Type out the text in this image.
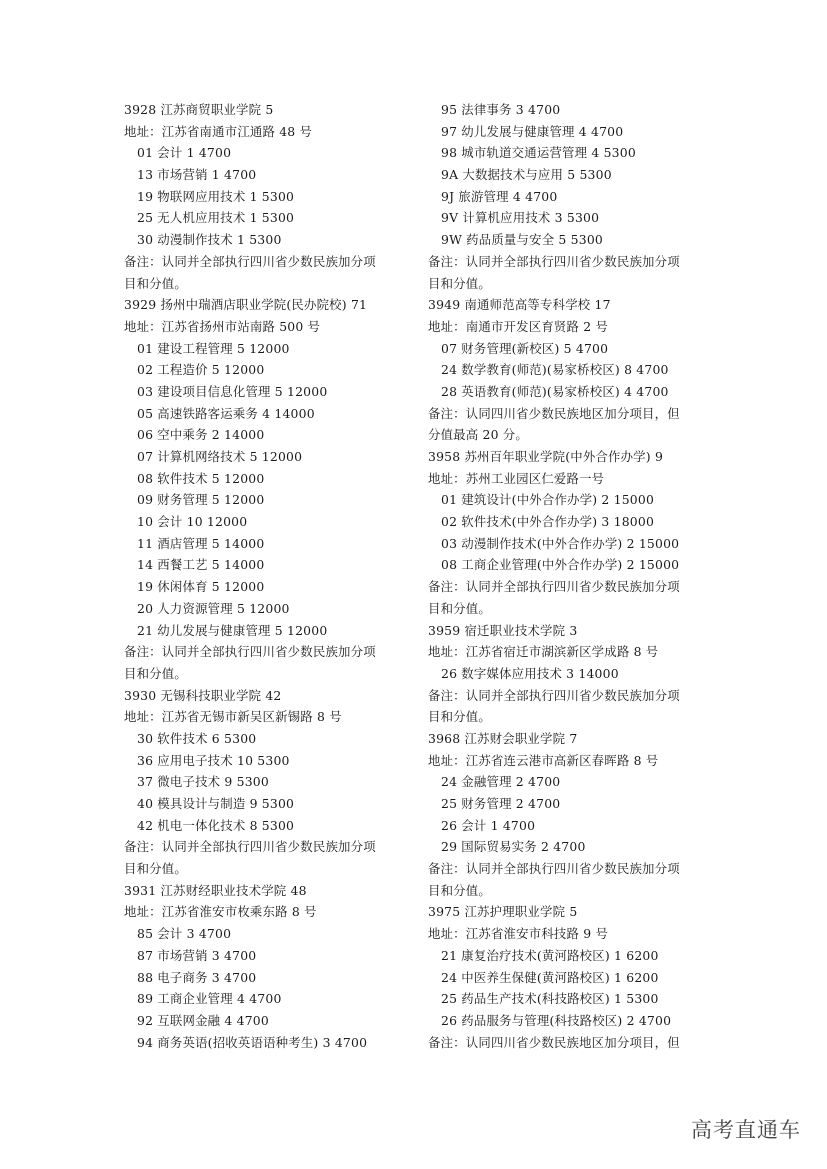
3928 江苏商贸职业学院 5
地址：江苏省南通市江通路 48 号
01 会计 1 4700
13 市场营销 1 4700
19 物联网应用技术 1 5300
25 无人机应用技术 1 5300
30 动漫制作技术 1 5300
备注：认同并全部执行四川省少数民族加分项
目和分值。
3929 扬州中瑞酒店职业学院(民办院校) 71
地址：江苏省扬州市站南路 500 号
01 建设工程管理 5 12000
02 工程造价 5 12000
03 建设项目信息化管理 5 12000
05 高速铁路客运乘务 4 14000
06 空中乘务 2 14000
07 计算机网络技术 5 12000
08 软件技术 5 12000
09 财务管理 5 12000
10 会计 10 12000
11 酒店管理 5 14000
14 西餐工艺 5 14000
19 休闲体育 5 12000
20 人力资源管理 5 12000
21 幼儿发展与健康管理 5 12000
备注：认同并全部执行四川省少数民族加分项
目和分值。
3930 无锡科技职业学院 42
地址：江苏省无锡市新吴区新锡路 8 号
30 软件技术 6 5300
36 应用电子技术 10 5300
37 微电子技术 9 5300
40 模具设计与制造 9 5300
42 机电一体化技术 8 5300
备注：认同并全部执行四川省少数民族加分项
目和分值。
3931 江苏财经职业技术学院 48
地址：江苏省淮安市枚乘东路 8 号
85 会计 3 4700
87 市场营销 3 4700
88 电子商务 3 4700
89 工商企业管理 4 4700
92 互联网金融 4 4700
94 商务英语(招收英语语种考生) 3 4700
95 法律事务 3 4700
97 幼儿发展与健康管理 4 4700
98 城市轨道交通运营管理 4 5300
9A 大数据技术与应用 5 5300
9J 旅游管理 4 4700
9V 计算机应用技术 3 5300
9W 药品质量与安全 5 5300
备注：认同并全部执行四川省少数民族加分项
目和分值。
3949 南通师范高等专科学校 17
地址：南通市开发区育贤路 2 号
07 财务管理(新校区) 5 4700
24 数学教育(师范)(易家桥校区) 8 4700
28 英语教育(师范)(易家桥校区) 4 4700
备注：认同四川省少数民族地区加分项目，但
分值最高 20 分。
3958 苏州百年职业学院(中外合作办学) 9
地址：苏州工业园区仁爱路一号
01 建筑设计(中外合作办学) 2 15000
02 软件技术(中外合作办学) 3 18000
03 动漫制作技术(中外合作办学) 2 15000
08 工商企业管理(中外合作办学) 2 15000
备注：认同并全部执行四川省少数民族加分项
目和分值。
3959 宿迁职业技术学院 3
地址：江苏省宿迁市湖滨新区学成路 8 号
26 数字媒体应用技术 3 14000
备注：认同并全部执行四川省少数民族加分项
目和分值。
3968 江苏财会职业学院 7
地址：江苏省连云港市高新区春晖路 8 号
24 金融管理 2 4700
25 财务管理 2 4700
26 会计 1 4700
29 国际贸易实务 2 4700
备注：认同并全部执行四川省少数民族加分项
目和分值。
3975 江苏护理职业学院 5
地址：江苏省淮安市科技路 9 号
21 康复治疗技术(黄河路校区) 1 6200
24 中医养生保健(黄河路校区) 1 6200
25 药品生产技术(科技路校区) 1 5300
26 药品服务与管理(科技路校区) 2 4700
备注：认同四川省少数民族地区加分项目，但
高考直通车
